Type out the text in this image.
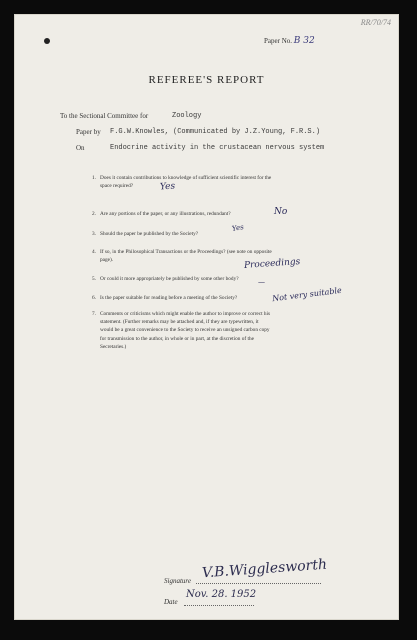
RR/70/74
Paper No. B 32
REFEREE'S REPORT
To the Sectional Committee for	Zoology
Paper by F.G.W.Knowles, (Communicated by J.Z.Young, F.R.S.)
On	Endocrine activity in the crustacean nervous system
1. Does it contain contributions to knowledge of sufficient scientific interest for the
space required?
2. Are any portions of the paper, or any illustrations, redundant?
3. Should the paper be published by the Society?
4. If so, in the Philosophical Transactions or the Proceedings? (see note on opposite
page).
5. Or could it more appropriately be published by some other body?
6. Is the paper suitable for reading before a meeting of the Society?
7. Comments or criticisms which might enable the author to improve or correct his
statement. (Further remarks may be attached and, if they are typewritten, it
would be a great convenience to the Society to receive an unsigned carbon copy
for transmission to the author, in whole or in part, at the discretion of the
Secretaries.)
Yes
No
Yes
Proceedings
—
Not very suitable
Signature V.B.Wigglesworth
Date
Nov. 28. 1952
